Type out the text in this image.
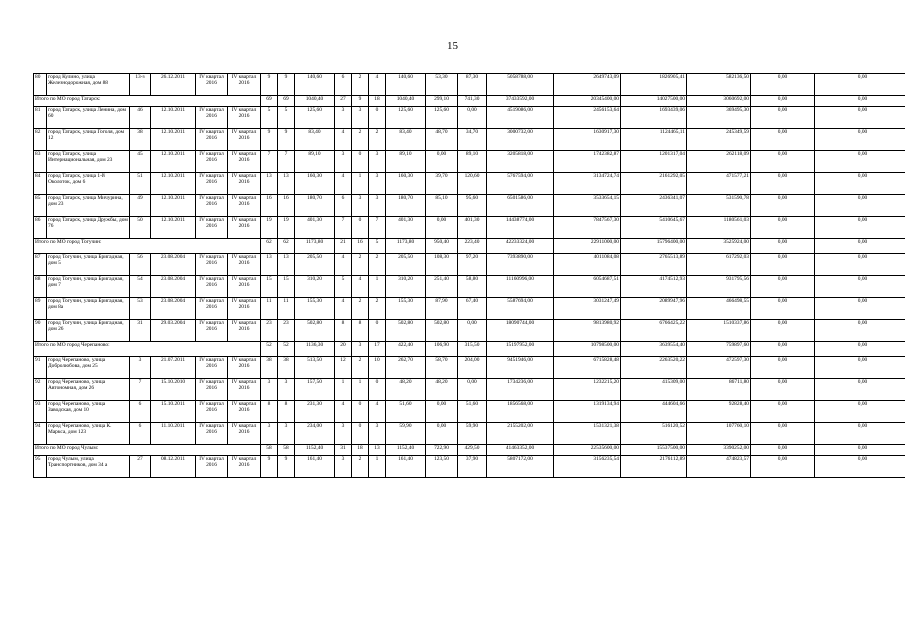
15
80	город Кулино, улица Железнодорожная, дом 88	13-з	26.12.2011	IV квартал 2016	IV квартал 2016	9	9	140,60	6	2	4	140,60	53,30	87,30	5058788,00	2649743,09	1826905,41	582136,50	0,00	0,00
Итого по МО город Татарск:						69	69	1040,40	27	9	18	1040,40	299,10	741,30	37433592,00	20345400,00	14027500,00	3060692,00	0,00	0,00
81	город Татарск, улица Ленина, дом 60	46	12.10.2011	IV квартал 2016	IV квартал 2016	5	5	125,60	3	3	0	125,60	125,60	0,00	4519086,00	2456153,64	1693439,06	369495,30	0,00	0,00
82	город Татарск, улица Гоголя, дом 12	38	12.10.2011	IV квартал 2016	IV квартал 2016	9	9	83,40	4	2	2	83,40	48,70	34,70	3000732,00	1630917,30	1124465,11	245349,59	0,00	0,00
83	город Татарск, улица Интернациональная, дом 23	45	12.10.2011	IV квартал 2016	IV квартал 2016	7	7	89,10	3	0	3	89,10	0,00	89,10	3205818,00	1742382,87	1201317,04	262118,09	0,00	0,00
84	город Татарск, улица 1-й Околоток, дом 6	51	12.10.2011	IV квартал 2016	IV квартал 2016	13	13	160,30	4	1	3	160,30	39,70	120,60	5767594,00	3134724,74	2161292,05	471577,21	0,00	0,00
85	город Татарск, улица Мичурина, дом 23	49	12.10.2011	IV квартал 2016	IV квартал 2016	16	16	180,70	6	3	3	180,70	85,10	95,60	6501586,00	3533654,15	2436341,07	531590,78	0,00	0,00
86	город Татарск, улица Дружбы, дом 76	50	12.10.2011	IV квартал 2016	IV квартал 2016	19	19	401,30	7	0	7	401,30	0,00	401,30	14438774,00	7847567,30	5410645,67	1180561,03	0,00	0,00
Итого по МО город Тогучин:						62	62	1173,80	21	16	5	1173,80	950,40	223,40	42233324,00	22911000,00	15796400,00	3525924,00	0,00	0,00
87	город Тогучин, улица Бригадная, дом 5	56	23.08.2004	IV квартал 2016	IV квартал 2016	13	13	205,50	4	2	2	205,50	108,30	97,20	7393890,00	4011084,08	2765513,89	617292,03	0,00	0,00
88	город Тогучин, улица Бригадная, дом 7	54	23.08.2004	IV квартал 2016	IV квартал 2016	15	15	310,20	5	4	1	310,20	251,40	58,80	11160996,00	6054687,51	4174512,93	931795,56	0,00	0,00
89	город Тогучин, улица Бригадная, дом 8а	53	23.08.2004	IV квартал 2016	IV квартал 2016	11	11	155,30	4	2	2	155,30	87,90	67,40	5587694,00	3031247,49	2089947,96	466498,55	0,00	0,00
90	город Тогучин, улица Бригадная, дом 26	31	29.03.2004	IV квартал 2016	IV квартал 2016	23	23	502,80	8	8	0	502,80	502,80	0,00	18090744,00	9813980,92	6766425,22	1510337,86	0,00	0,00
Итого по МО город Черепаново:						52	52	1136,30	20	3	17	422,40	106,90	315,50	15197952,00	10798500,00	3639554,40	759897,60	0,00	0,00
91	город Черепаново, улица Добролюбова, дом 25	3	21.07.2011	IV квартал 2016	IV квартал 2016	38	38	513,50	12	2	10	262,70	58,70	204,00	9451946,00	6715828,48	2263520,22	472597,30	0,00	0,00
92	город Черепаново, улица Автономная, дом 26	7	15.10.2010	IV квартал 2016	IV квартал 2016	3	3	157,50	1	1	0	48,20	48,20	0,00	1734236,00	1232215,20	415309,00	86711,80	0,00	0,00
93	город Черепаново, улица Заводская, дом 10	6	15.10.2011	IV квартал 2016	IV квартал 2016	8	8	231,30	4	0	4	51,60	0,00	51,60	1856568,00	1319134,94	444604,66	92828,40	0,00	0,00
94	город Черепаново, улица К. Маркса, дом 123	6	11.10.2011	IV квартал 2016	IV квартал 2016	3	3	234,00	3	0	3	59,90	0,00	59,90	2155202,00	1531321,38	516120,52	107760,10	0,00	0,00
Итого по МО город Чулым:						58	58	1152,40	31	18	13	1152,40	722,90	429,50	41463352,00	22535600,00	15537500,00	3390252,00	0,00	0,00
95	город Чулым, улица Транспортников, дом 34 а	27	08.12.2011	IV квартал 2016	IV квартал 2016	9	9	161,40	3	2	1	161,40	123,50	37,90	5807172,00	3156235,54	2176112,89	474823,57	0,00	0,00
